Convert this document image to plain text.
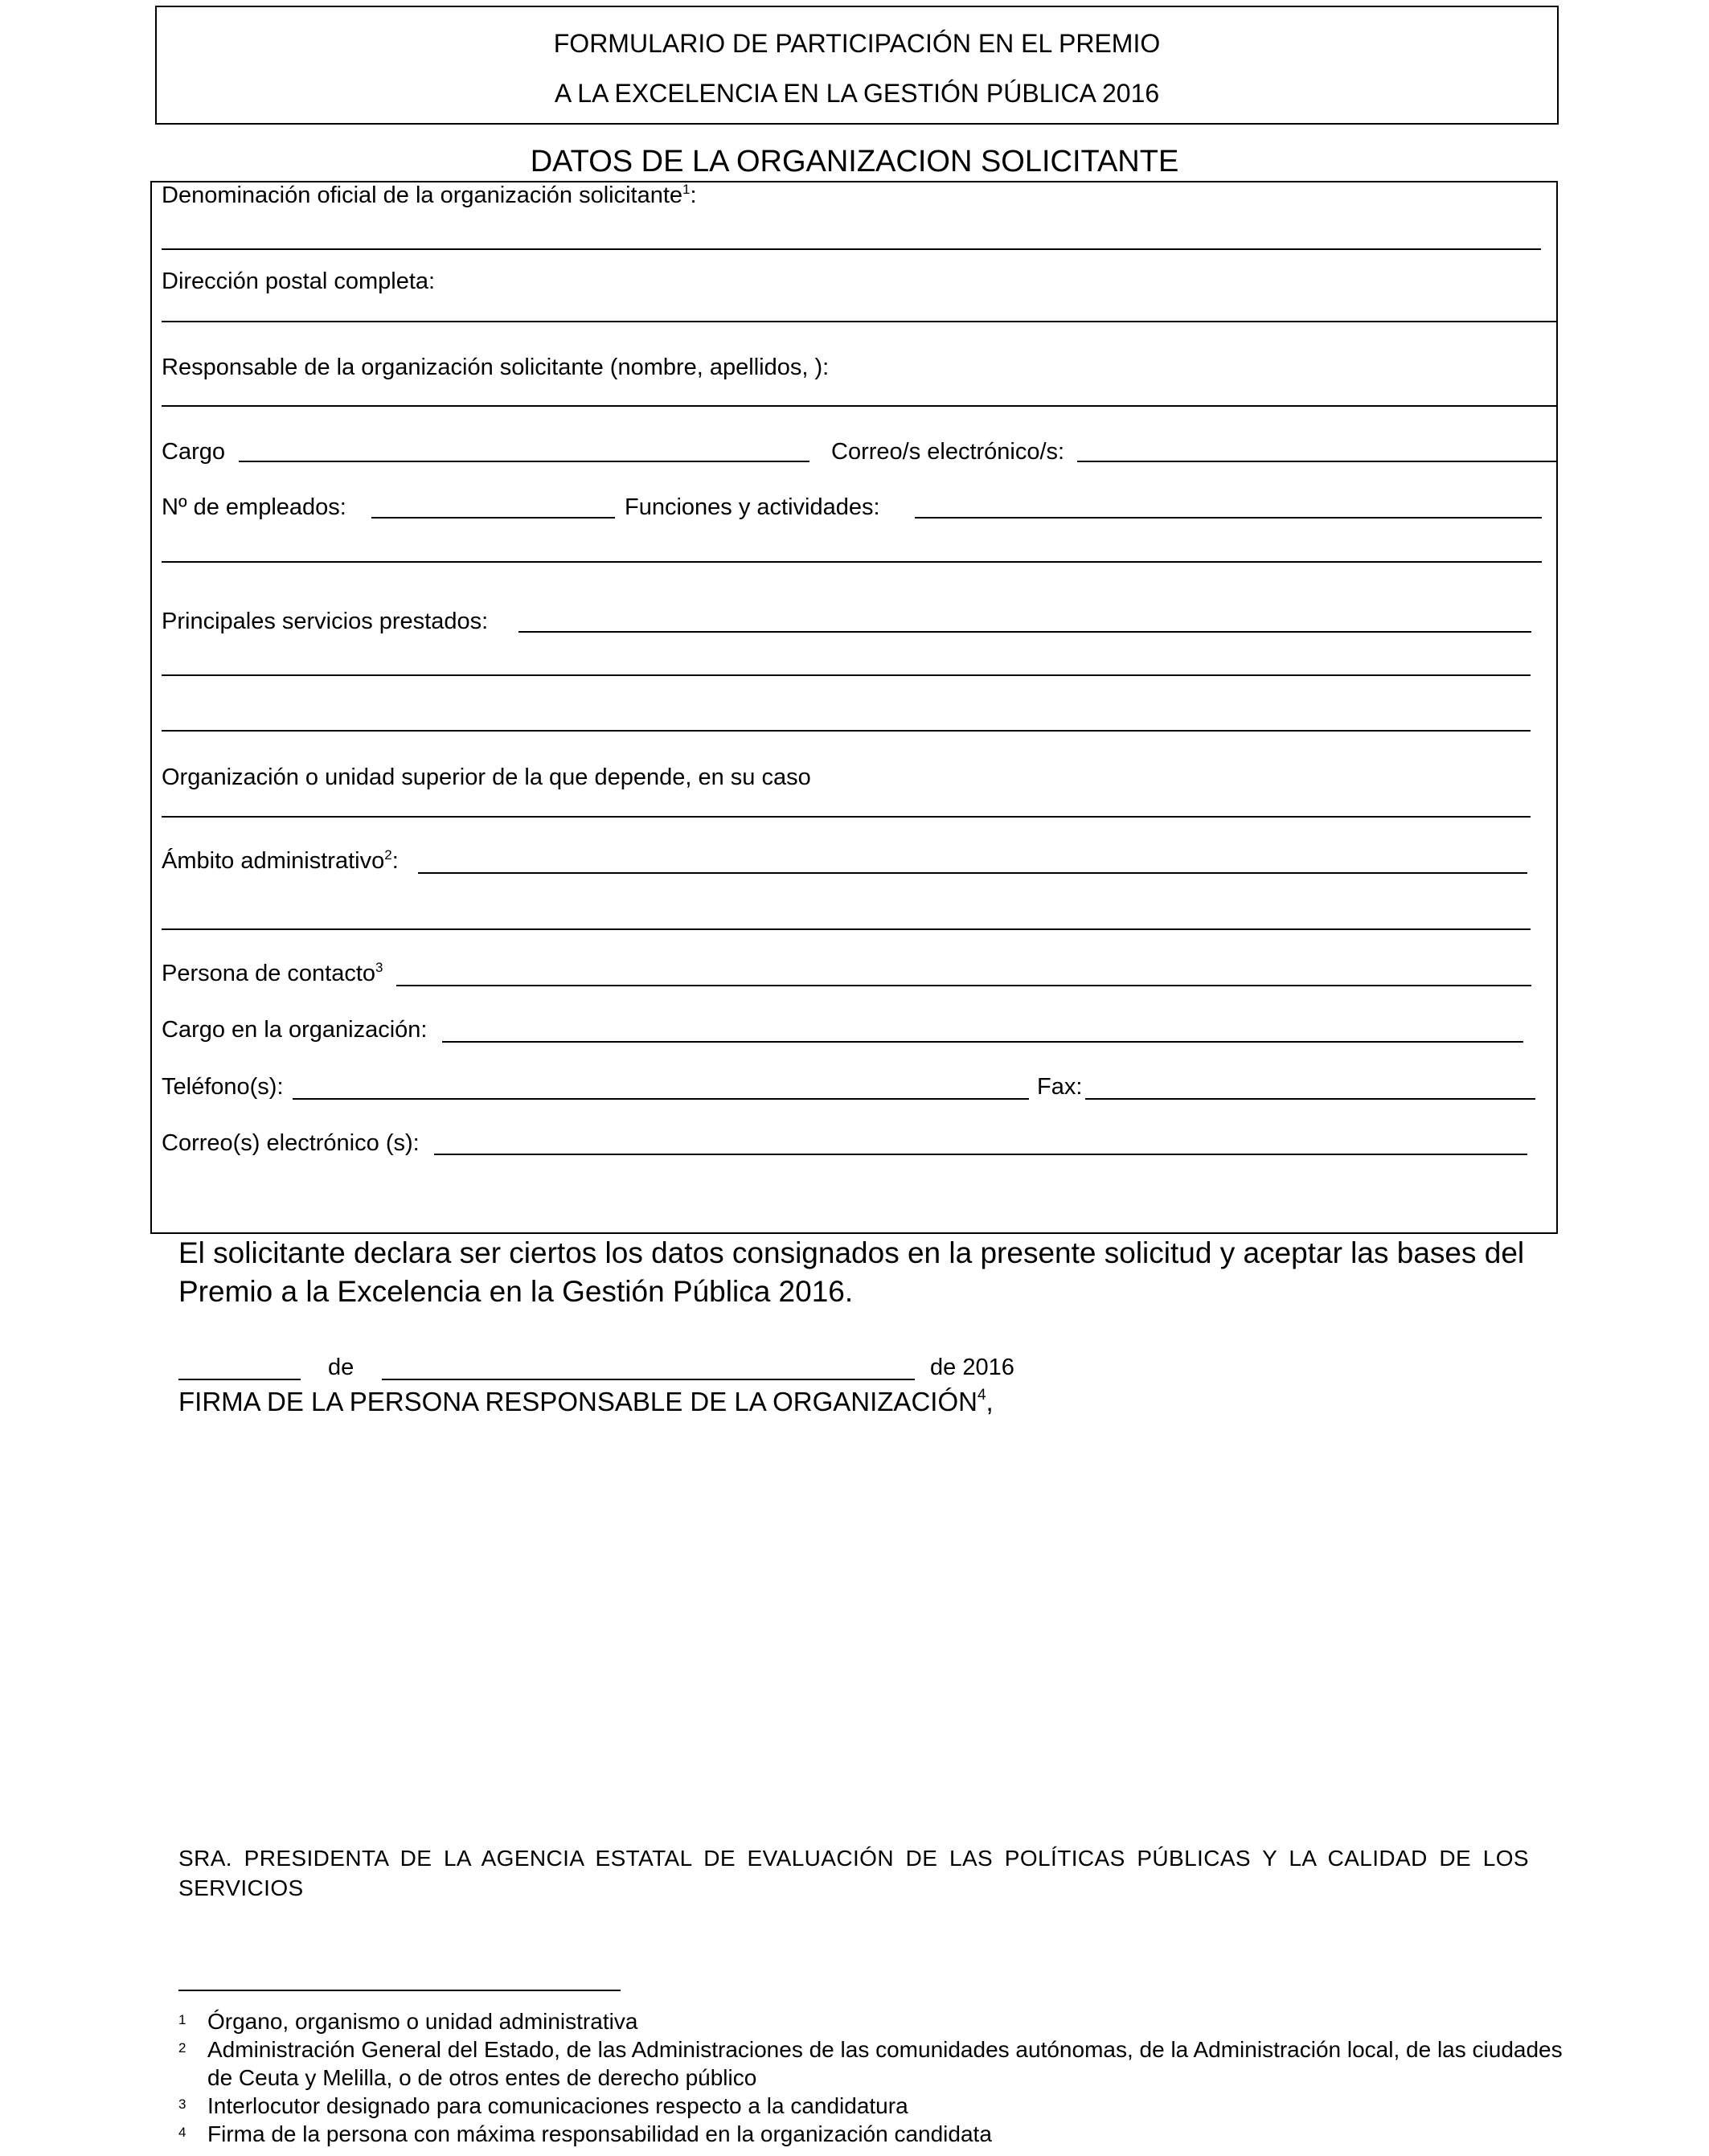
FORMULARIO DE PARTICIPACIÓN EN EL PREMIO
A LA EXCELENCIA EN LA GESTIÓN PÚBLICA 2016
DATOS DE LA ORGANIZACION SOLICITANTE
Denominación oficial de la organización solicitante$^1$:
Dirección postal completa:
Responsable de la organización solicitante (nombre, apellidos, ):
Cargo	Correo/s electrónico/s:
Nº de empleados:	Funciones y actividades:
Principales servicios prestados:
Organización o unidad superior de la que depende, en su caso
Ámbito administrativo$^2$:
Persona de contacto$^3$
Cargo en la organización:
Teléfono(s):	Fax:
Correo(s) electrónico (s):
El solicitante declara ser ciertos los datos consignados en la presente solicitud y aceptar las bases del Premio a la Excelencia en la Gestión Pública 2016.
de	de 2016
FIRMA DE LA PERSONA RESPONSABLE DE LA ORGANIZACIÓN$^4$,
SRA. PRESIDENTA DE LA AGENCIA ESTATAL DE EVALUACIÓN DE LAS POLÍTICAS PÚBLICAS Y LA CALIDAD DE LOS SERVICIOS
1 Órgano, organismo o unidad administrativa
2 Administración General del Estado, de las Administraciones de las comunidades autónomas, de la Administración local, de las ciudades de Ceuta y Melilla, o de otros entes de derecho público
3 Interlocutor designado para comunicaciones respecto a la candidatura
4 Firma de la persona con máxima responsabilidad en la organización candidata
